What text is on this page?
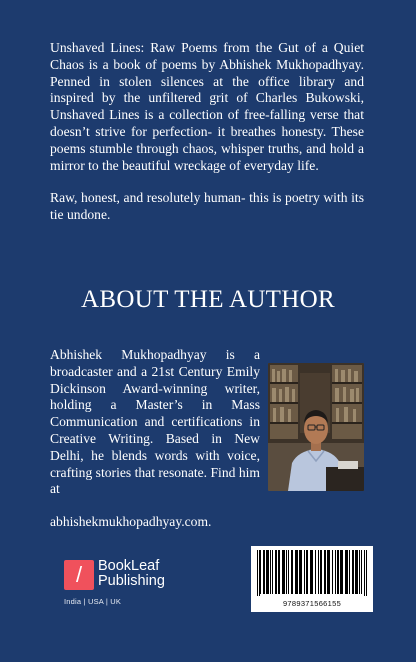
Unshaved Lines: Raw Poems from the Gut of a Quiet Chaos is a book of poems by Abhishek Mukhopadhyay. Penned in stolen silences at the office library and inspired by the unfiltered grit of Charles Bukowski, Unshaved Lines is a collection of free-falling verse that doesn’t strive for perfection- it breathes honesty. These poems stumble through chaos, whisper truths, and hold a mirror to the beautiful wreckage of everyday life.

Raw, honest, and resolutely human- this is poetry with its tie undone.

ABOUT THE AUTHOR
Abhishek Mukhopadhyay is a broadcaster and a 21st Century Emily Dickinson Award-winning writer, holding a Master’s in Mass Communication and certifications in Creative Writing. Based in New Delhi, he blends words with voice, crafting stories that resonate. Find him at
abhishekmukhopadhyay.com.
/	BookLeaf
Publishing
India | USA | UK	9789371566155
